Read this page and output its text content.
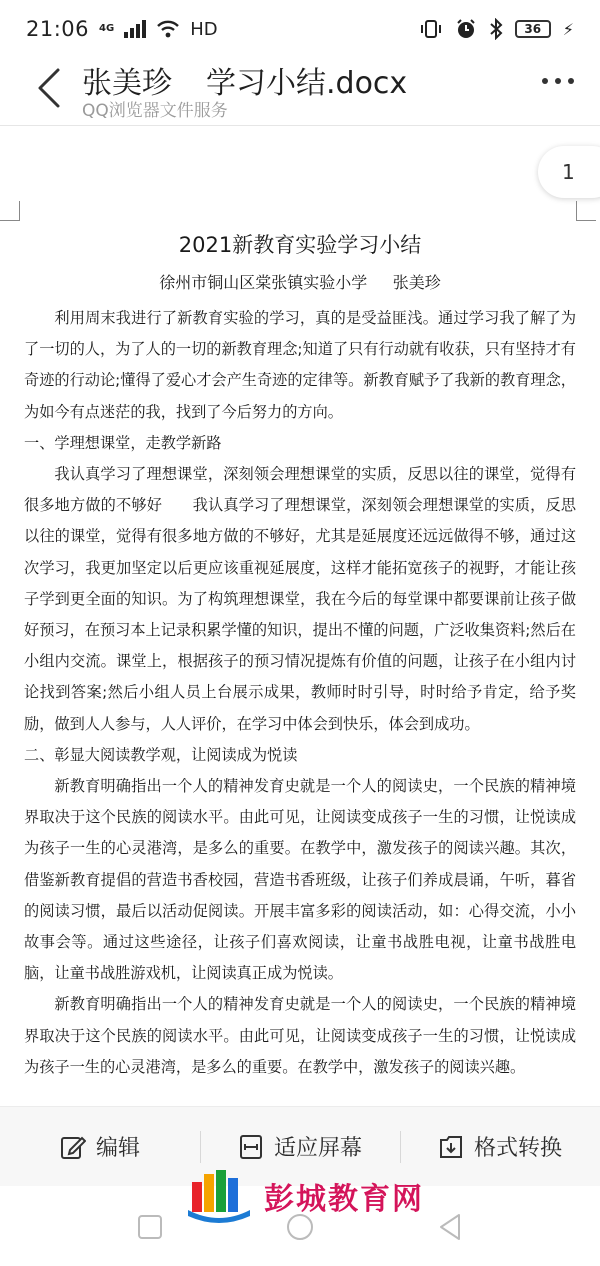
21:06 4G	HD	36	⚡
张美珍 学习小结.docx
QQ浏览器文件服务
1
2021新教育实验学习小结
徐州市铜山区棠张镇实验小学     张美珍

利用周末我进行了新教育实验的学习，真的是受益匪浅。通过学习我了解了为了一切的人，为了人的一切的新教育理念;知道了只有行动就有收获，只有坚持才有奇迹的行动论;懂得了爱心才会产生奇迹的定律等。新教育赋予了我新的教育理念，为如今有点迷茫的我，找到了今后努力的方向。

一、学理想课堂，走教学新路

我认真学习了理想课堂，深刻领会理想课堂的实质，反思以往的课堂，觉得有很多地方做的不够好　　我认真学习了理想课堂，深刻领会理想课堂的实质，反思以往的课堂，觉得有很多地方做的不够好，尤其是延展度还远远做得不够，通过这次学习，我更加坚定以后更应该重视延展度，这样才能拓宽孩子的视野，才能让孩子学到更全面的知识。为了构筑理想课堂，我在今后的每堂课中都要课前让孩子做好预习，在预习本上记录积累学懂的知识，提出不懂的问题，广泛收集资料;然后在小组内交流。课堂上，根据孩子的预习情况提炼有价值的问题，让孩子在小组内讨论找到答案;然后小组人员上台展示成果，教师时时引导，时时给予肯定，给予奖励，做到人人参与，人人评价，在学习中体会到快乐，体会到成功。

二、彰显大阅读教学观，让阅读成为悦读

新教育明确指出一个人的精神发育史就是一个人的阅读史，一个民族的精神境界取决于这个民族的阅读水平。由此可见，让阅读变成孩子一生的习惯，让悦读成为孩子一生的心灵港湾，是多么的重要。在教学中，激发孩子的阅读兴趣。其次，借鉴新教育提倡的营造书香校园，营造书香班级，让孩子们养成晨诵，午听，暮省的阅读习惯，最后以活动促阅读。开展丰富多彩的阅读活动，如：心得交流，小小故事会等。通过这些途径，让孩子们喜欢阅读，让童书战胜电视，让童书战胜电脑，让童书战胜游戏机，让阅读真正成为悦读。

新教育明确指出一个人的精神发育史就是一个人的阅读史，一个民族的精神境界取决于这个民族的阅读水平。由此可见，让阅读变成孩子一生的习惯，让悦读成为孩子一生的心灵港湾，是多么的重要。在教学中，激发孩子的阅读兴趣。

编辑	适应屏幕	格式转换
彭城教育网
